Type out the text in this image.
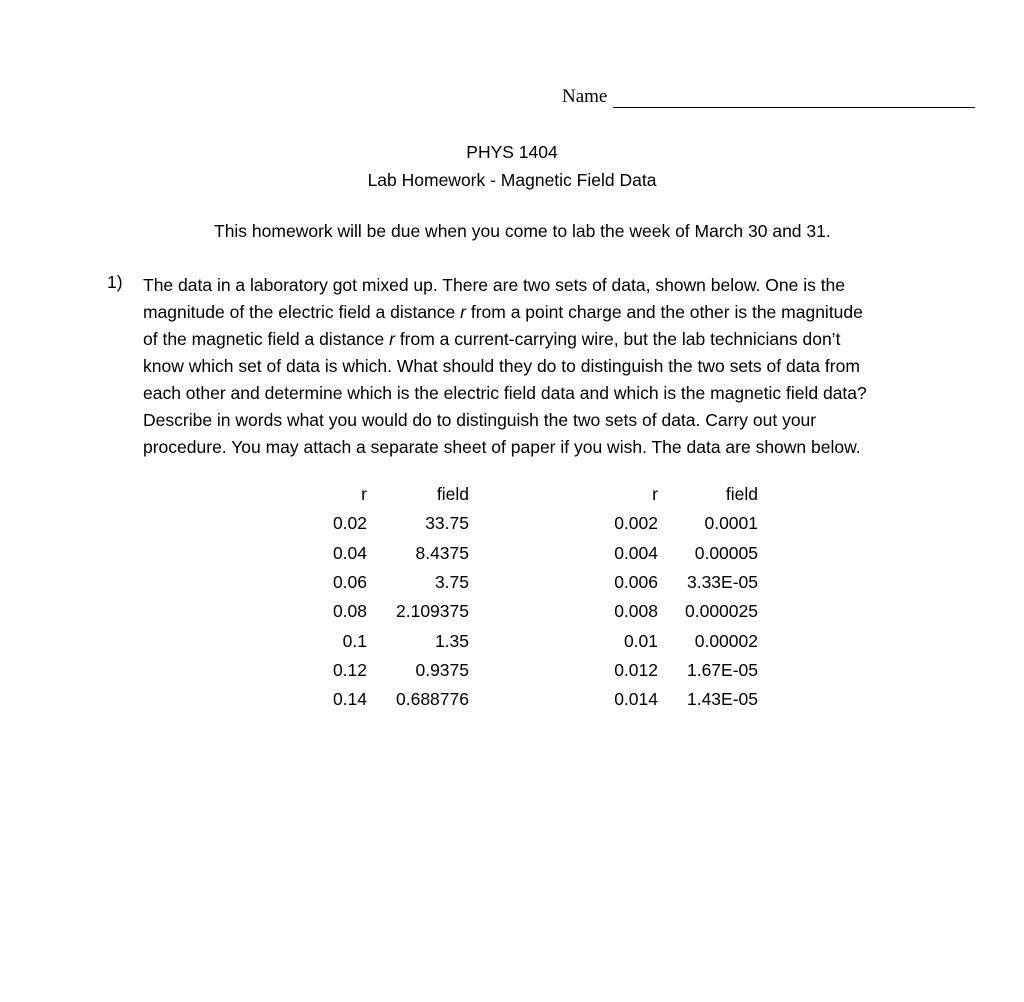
Name
PHYS 1404
Lab Homework - Magnetic Field Data
This homework will be due when you come to lab the week of March 30 and 31.
1) The data in a laboratory got mixed up. There are two sets of data, shown below. One is the

magnitude of the electric field a distance r from a point charge and the other is the magnitude

of the magnetic field a distance r from a current-carrying wire, but the lab technicians don’t

know which set of data is which. What should they do to distinguish the two sets of data from

each other and determine which is the electric field data and which is the magnetic field data?

Describe in words what you would do to distinguish the two sets of data. Carry out your

procedure. You may attach a separate sheet of paper if you wish. The data are shown below.

r	field
0.02	33.75
0.04	8.4375
0.06	3.75
0.08	2.109375
0.1	1.35
0.12	0.9375
0.14	0.688776
r	field
0.002	0.0001
0.004	0.00005
0.006	3.33E-05
0.008	0.000025
0.01	0.00002
0.012	1.67E-05
0.014	1.43E-05
